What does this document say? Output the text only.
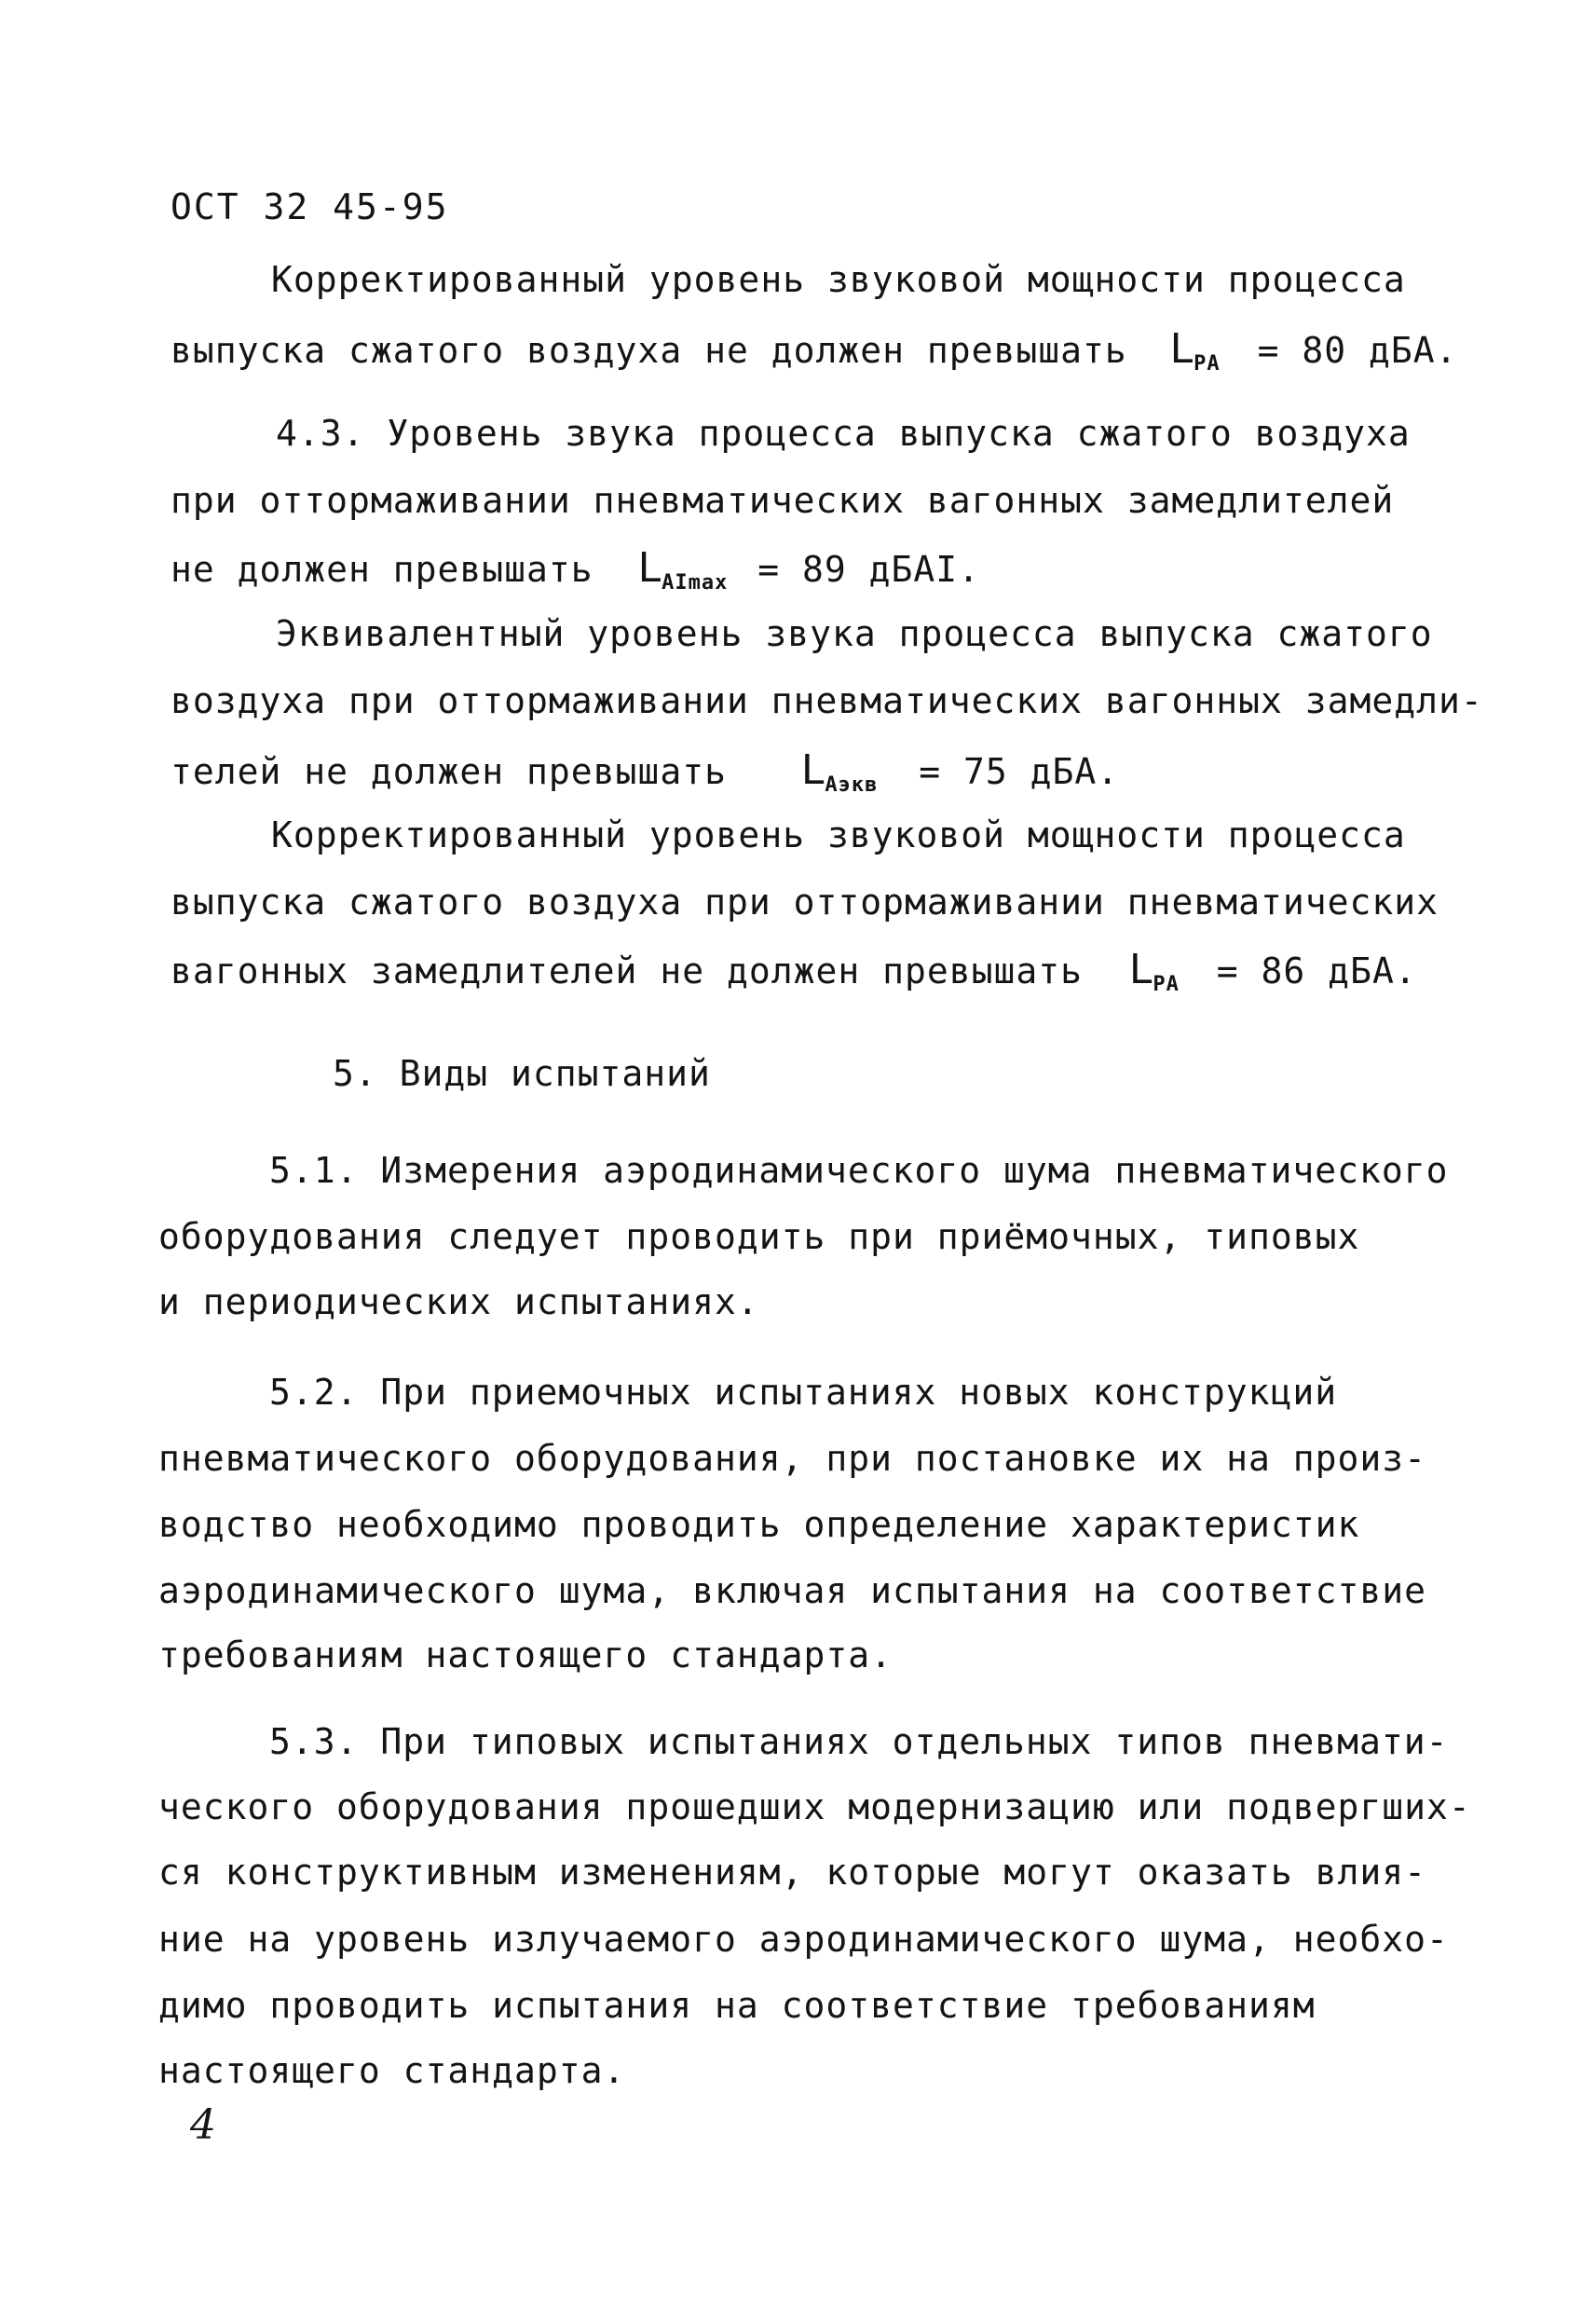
ОСТ 32 45-95
Корректированный уровень звуковой мощности процесса
выпуска сжатого воздуха не должен превышать $L_{PA} = 80$ дБА.
4.3. Уровень звука процесса выпуска сжатого воздуха
при оттормаживании пневматических вагонных замедлителей
не должен превышать $L_{AImax} = 89$ дБАI.
Эквивалентный уровень звука процесса выпуска сжатого
воздуха при оттормаживании пневматических вагонных замедли-
телей не должен превышать $L_{Aэкв} = 75$ дБА.
Корректированный уровень звуковой мощности процесса
выпуска сжатого воздуха при оттормаживании пневматических
вагонных замедлителей не должен превышать $L_{PA} = 86$ дБА.
5. Виды испытаний
5.1. Измерения аэродинамического шума пневматического
оборудования следует проводить при приёмочных, типовых
и периодических испытаниях.
5.2. При приемочных испытаниях новых конструкций
пневматического оборудования, при постановке их на произ-
водство необходимо проводить определение характеристик
аэродинамического шума, включая испытания на соответствие
требованиям настоящего стандарта.
5.3. При типовых испытаниях отдельных типов пневмати-
ческого оборудования прошедших модернизацию или подвергших-
ся конструктивным изменениям, которые могут оказать влия-
ние на уровень излучаемого аэродинамического шума, необхо-
димо проводить испытания на соответствие требованиям
настоящего стандарта.
4
